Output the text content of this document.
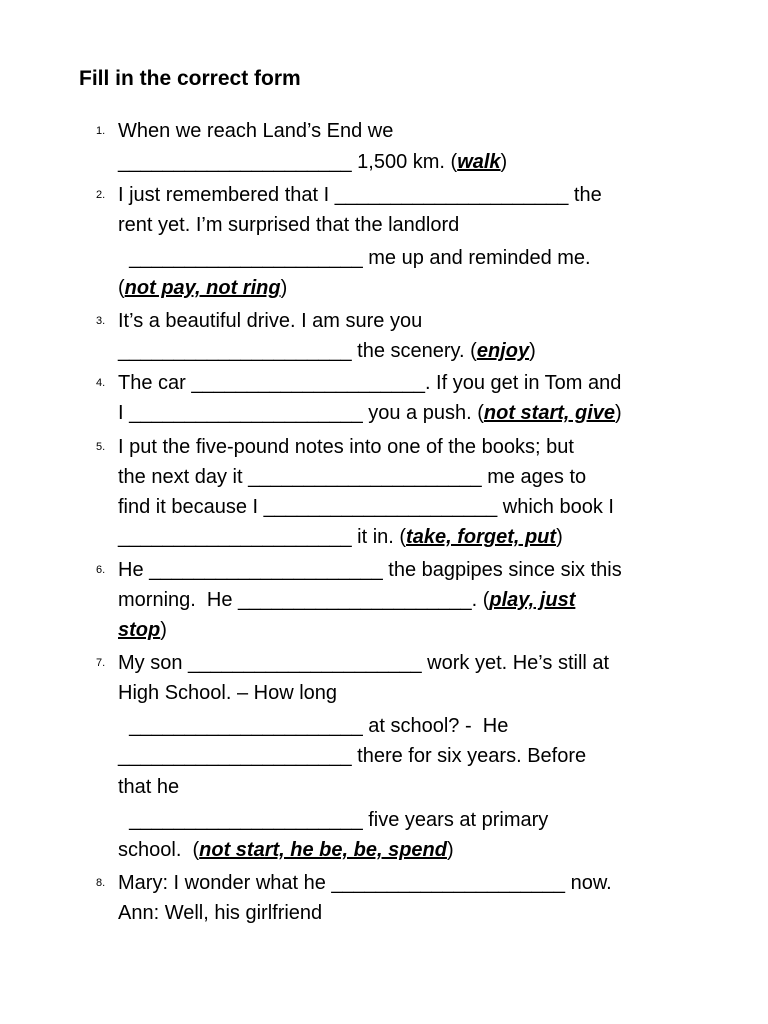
Fill in the correct form
1. When we reach Land’s End we
_____________________ 1,500 km. (walk)
2. I just remembered that I _____________________ the
rent yet. I’m surprised that the landlord
_____________________ me up and reminded me.
(not pay, not ring)
3. It’s a beautiful drive. I am sure you
_____________________ the scenery. (enjoy)
4. The car _____________________. If you get in Tom and
I _____________________ you a push. (not start, give)
5. I put the five-pound notes into one of the books; but
the next day it _____________________ me ages to
find it because I _____________________ which book I
_____________________ it in. (take, forget, put)
6. He _____________________ the bagpipes since six this
morning.  He _____________________. (play, just
stop)
7. My son _____________________ work yet. He’s still at
High School. – How long
_____________________ at school? -  He
_____________________ there for six years. Before
that he
_____________________ five years at primary
school.  (not start, he be, be, spend)
8. Mary: I wonder what he _____________________ now.
Ann: Well, his girlfriend
